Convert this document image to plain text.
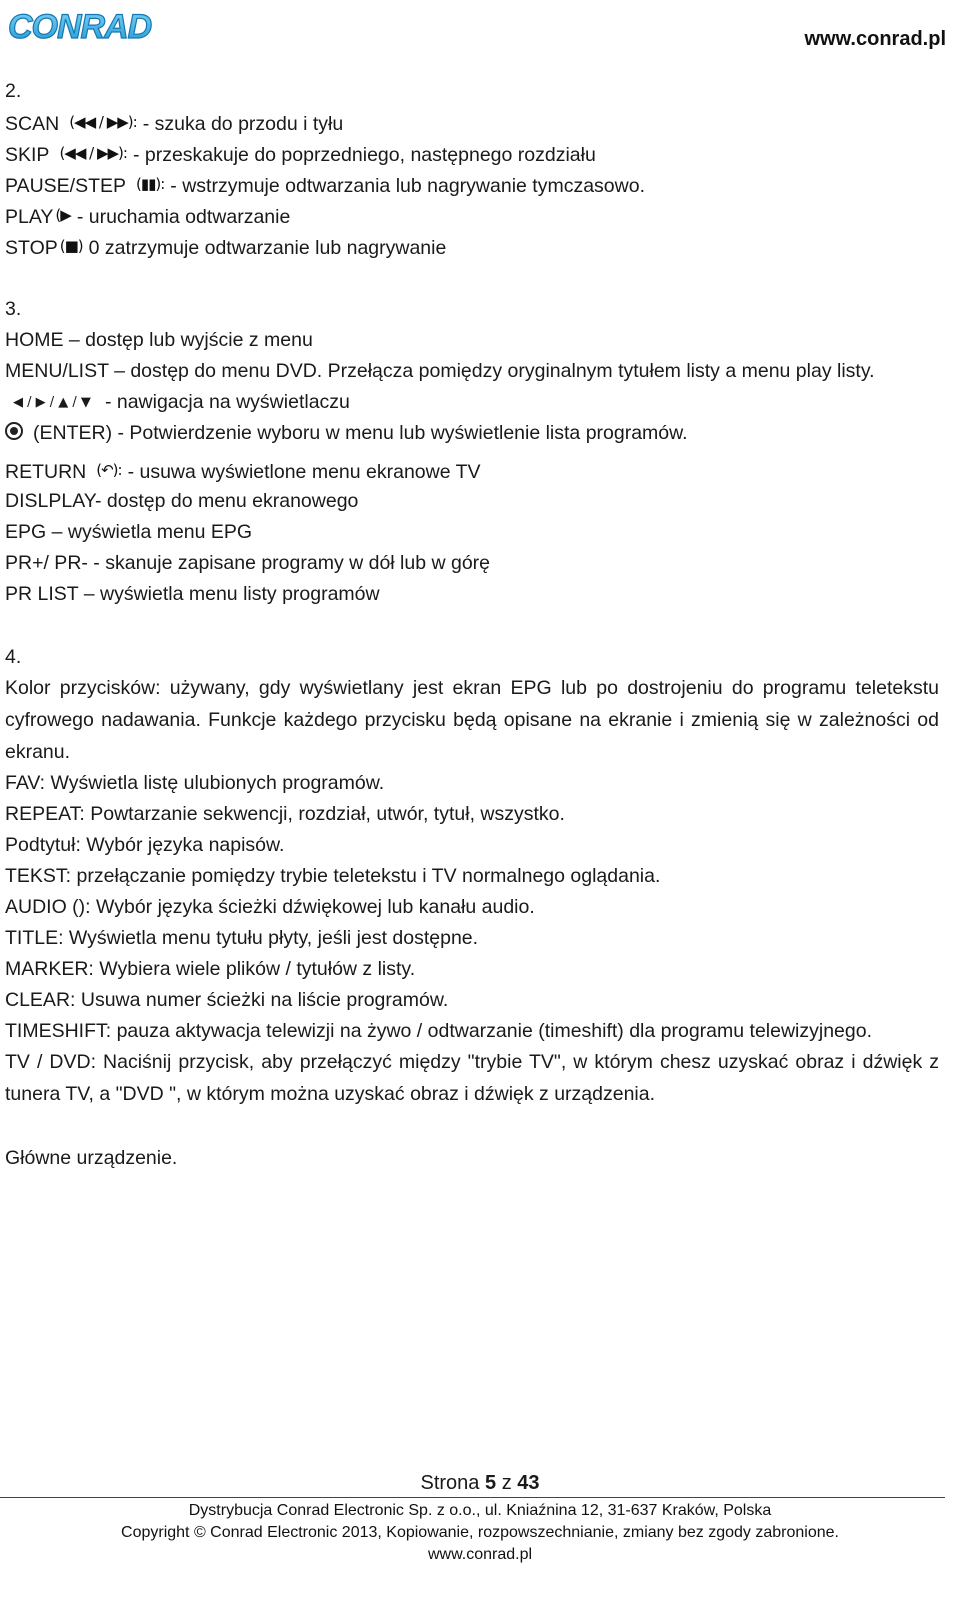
CONRAD	www.conrad.pl
2.
SCAN (◀◀ / ▶▶): - szuka do przodu i tyłu
SKIP (◀◀ / ▶▶): - przeskakuje do poprzedniego, następnego rozdziału
PAUSE/STEP (▮▮): - wstrzymuje odtwarzania lub nagrywanie tymczasowo.
PLAY (▶ - uruchamia odtwarzanie
STOP (■) 0 zatrzymuje odtwarzanie lub nagrywanie
3.
HOME – dostęp lub wyjście z menu
MENU/LIST – dostęp do menu DVD. Przełącza pomiędzy oryginalnym tytułem listy a menu play listy.
◀ / ▶ / ▲ / ▼ - nawigacja na wyświetlaczu
(ENTER) - Potwierdzenie wyboru w menu lub wyświetlenie lista programów.
RETURN (↶): - usuwa wyświetlone menu ekranowe TV
DISLPLAY- dostęp do menu ekranowego
EPG – wyświetla menu EPG
PR+/ PR- - skanuje zapisane programy w dół lub w górę
PR LIST – wyświetla menu listy programów
4.
Kolor przycisków: używany, gdy wyświetlany jest ekran EPG lub po dostrojeniu do programu teletekstu cyfrowego nadawania. Funkcje każdego przycisku będą opisane na ekranie i zmienią się w zależności od ekranu.
FAV: Wyświetla listę ulubionych programów.
REPEAT: Powtarzanie sekwencji, rozdział, utwór, tytuł, wszystko.
Podtytuł: Wybór języka napisów.
TEKST: przełączanie pomiędzy trybie teletekstu i TV normalnego oglądania.
AUDIO (): Wybór języka ścieżki dźwiękowej lub kanału audio.
TITLE: Wyświetla menu tytułu płyty, jeśli jest dostępne.
MARKER: Wybiera wiele plików / tytułów z listy.
CLEAR: Usuwa numer ścieżki na liście programów.
TIMESHIFT: pauza aktywacja telewizji na żywo / odtwarzanie (timeshift) dla programu telewizyjnego.
TV / DVD: Naciśnij przycisk, aby przełączyć między "trybie TV", w którym chesz uzyskać obraz i dźwięk z tunera TV, a "DVD ", w którym można uzyskać obraz i dźwięk z urządzenia.
Główne urządzenie.
Strona 5 z 43
Dystrybucja Conrad Electronic Sp. z o.o., ul. Kniaźnina 12, 31-637 Kraków, Polska
Copyright © Conrad Electronic 2013, Kopiowanie, rozpowszechnianie, zmiany bez zgody zabronione.
www.conrad.pl
